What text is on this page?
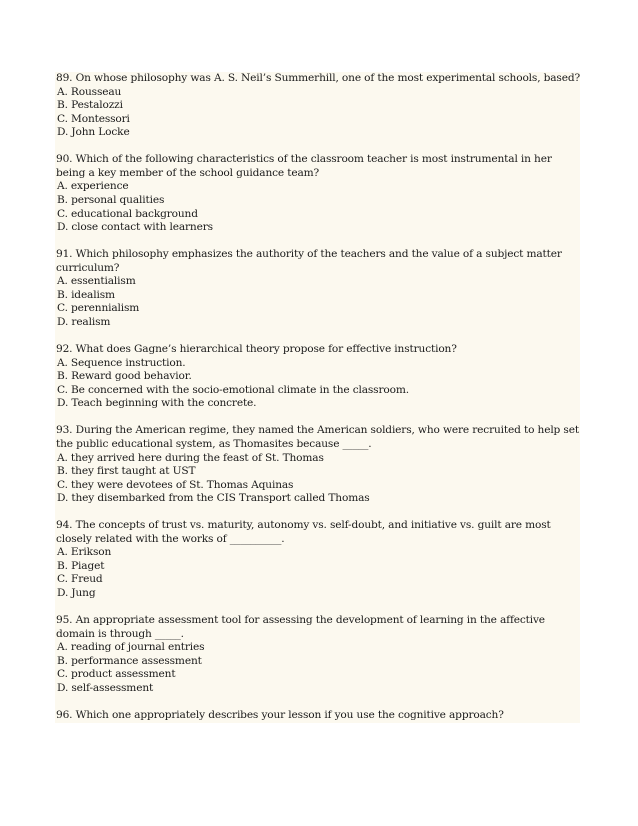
89. On whose philosophy was A. S. Neil’s Summerhill, one of the most experimental schools, based?
A. Rousseau
B. Pestalozzi
C. Montessori
D. John Locke
90. Which of the following characteristics of the classroom teacher is most instrumental in her being a key member of the school guidance team?
A. experience
B. personal qualities
C. educational background
D. close contact with learners
91. Which philosophy emphasizes the authority of the teachers and the value of a subject matter curriculum?
A. essentialism
B. idealism
C. perennialism
D. realism
92. What does Gagne’s hierarchical theory propose for effective instruction?
A. Sequence instruction.
B. Reward good behavior.
C. Be concerned with the socio-emotional climate in the classroom.
D. Teach beginning with the concrete.
93. During the American regime, they named the American soldiers, who were recruited to help set the public educational system, as Thomasites because _____.
A. they arrived here during the feast of St. Thomas
B. they first taught at UST
C. they were devotees of St. Thomas Aquinas
D. they disembarked from the CIS Transport called Thomas
94. The concepts of trust vs. maturity, autonomy vs. self-doubt, and initiative vs. guilt are most closely related with the works of __________.
A. Erikson
B. Piaget
C. Freud
D. Jung
95. An appropriate assessment tool for assessing the development of learning in the affective domain is through _____.
A. reading of journal entries
B. performance assessment
C. product assessment
D. self-assessment
96. Which one appropriately describes your lesson if you use the cognitive approach?
